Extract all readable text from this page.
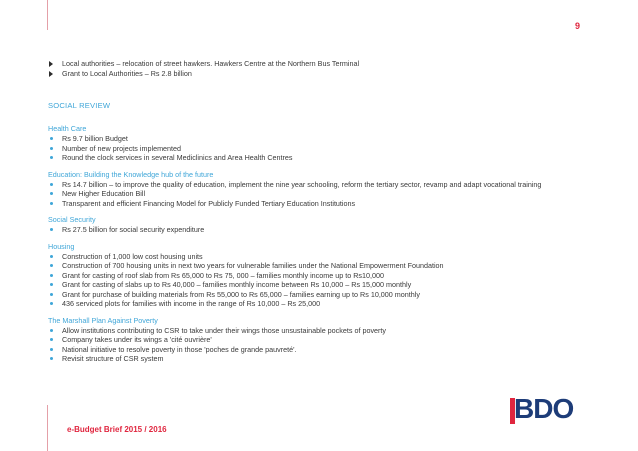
9
Local authorities – relocation of street hawkers. Hawkers Centre at the Northern Bus Terminal
Grant to Local Authorities – Rs 2.8 billion
SOCIAL REVIEW
Health Care
Rs 9.7 billion Budget
Number of new projects implemented
Round the clock services in several Mediclinics and Area Health Centres
Education: Building the Knowledge hub of the future
Rs 14.7 billion – to improve the quality of education, implement the nine year schooling, reform the tertiary sector, revamp and adapt vocational training
New Higher Education Bill
Transparent and efficient Financing Model for Publicly Funded Tertiary Education Institutions
Social Security
Rs 27.5 billion for social security expenditure
Housing
Construction of 1,000 low cost housing units
Construction of 700 housing units in next two years for vulnerable families under the National Empowerment Foundation
Grant for casting of roof slab from Rs 65,000 to Rs 75, 000 – families monthly income up to Rs10,000
Grant for casting of slabs up to Rs 40,000 – families monthly income between Rs 10,000 – Rs 15,000 monthly
Grant for purchase of building materials from Rs 55,000 to Rs 65,000 – families earning up to Rs 10,000 monthly
436 serviced plots for families with income in the range of Rs 10,000 – Rs 25,000
The Marshall Plan Against Poverty
Allow institutions contributing to CSR to take under their wings those unsustainable pockets of poverty
Company takes under its wings a 'cité ouvrière'
National initiative to resolve poverty in those 'poches de grande pauvreté'.
Revisit structure of CSR system
e-Budget Brief 2015 / 2016
BDO
